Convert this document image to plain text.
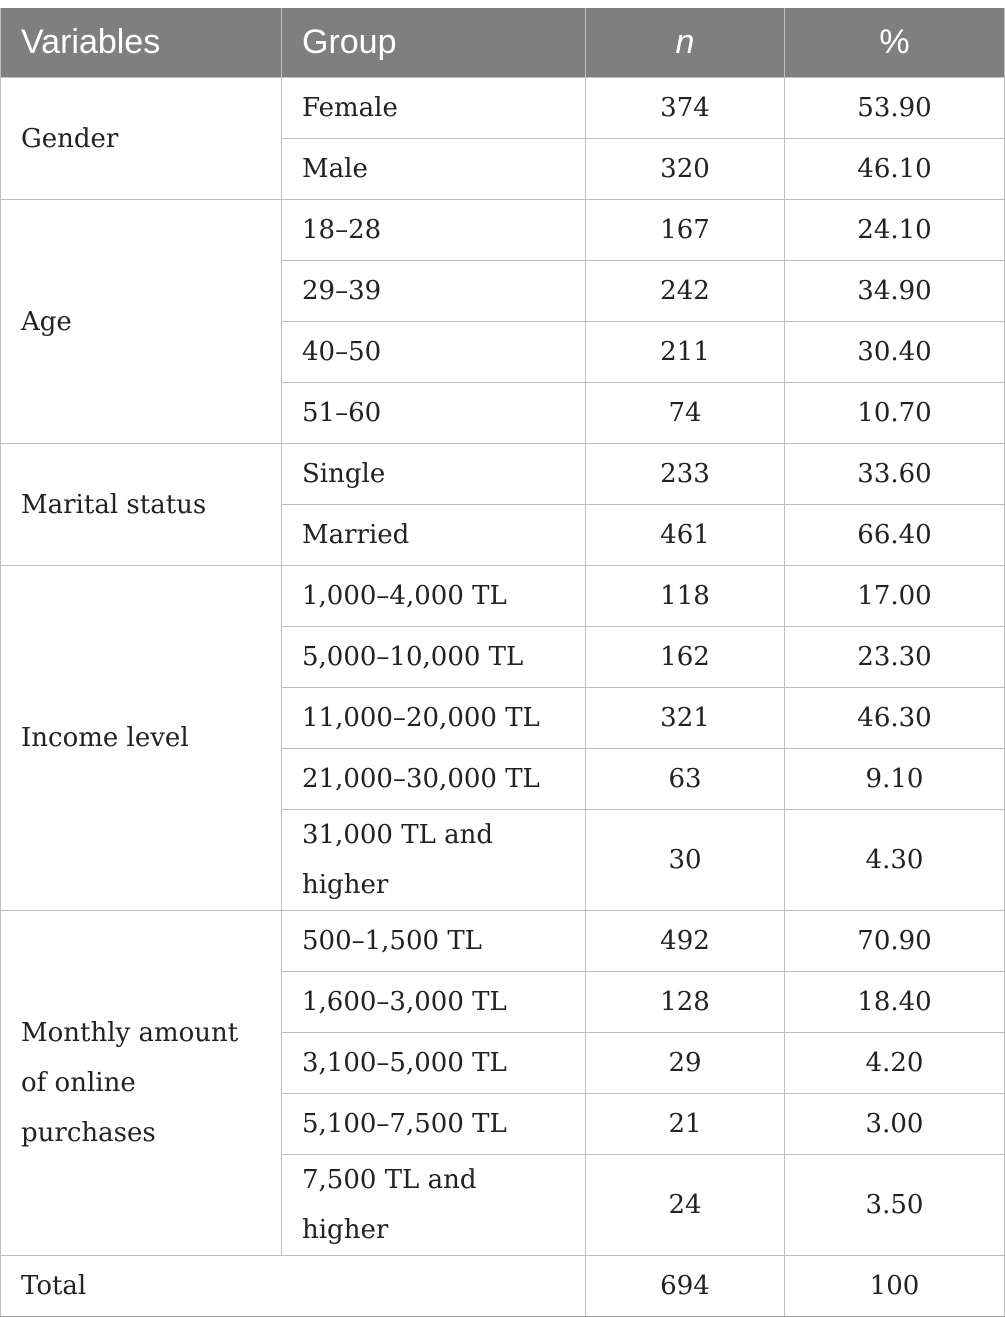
Variables	Group	n	%
Gender	Female	374	53.90
	Male	320	46.10
Age	18–28	167	24.10
	29–39	242	34.90
	40–50	211	30.40
	51–60	74	10.70
Marital status	Single	233	33.60
	Married	461	66.40
Income level	1,000–4,000 TL	118	17.00
	5,000–10,000 TL	162	23.30
	11,000–20,000 TL	321	46.30
	21,000–30,000 TL	63	9.10
	31,000 TL and higher	30	4.30
Monthly amount of online purchases	500–1,500 TL	492	70.90
	1,600–3,000 TL	128	18.40
	3,100–5,000 TL	29	4.20
	5,100–7,500 TL	21	3.00
	7,500 TL and higher	24	3.50
Total		694	100
